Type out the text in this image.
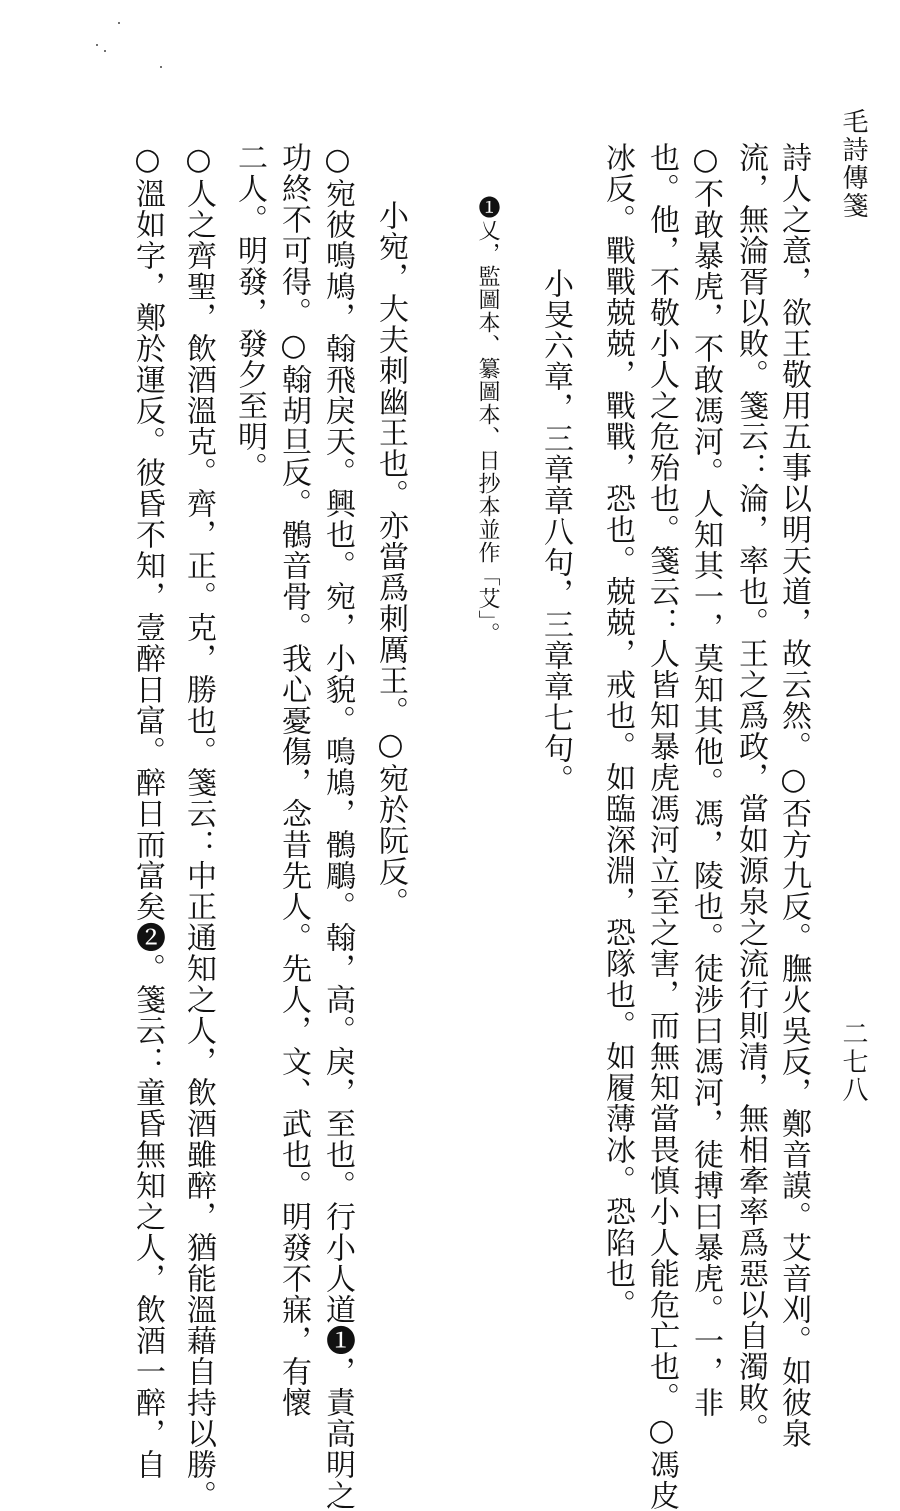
毛詩傳箋
二七八
詩人之意，欲王敬用五事以明天道，故云然。○否方九反。膴火吳反，鄭音謨。艾音刈。如彼泉
流，無淪胥以敗。箋云：淪，率也。王之爲政，當如源泉之流行則清，無相牽率爲惡以自濁敗。
○不敢暴虎，不敢馮河。人知其一，莫知其他。馮，陵也。徒涉曰馮河，徒搏曰暴虎。一，非
也。他，不敬小人之危殆也。箋云：人皆知暴虎馮河立至之害，而無知當畏慎小人能危亡也。○馮皮
冰反。戰戰兢兢，戰戰，恐也。兢兢，戒也。如臨深淵，恐隊也。如履薄冰。恐陷也。
小旻六章，三章章八句，三章章七句。
❶乂，監圖本、纂圖本、日抄本並作「艾」。
小宛，大夫刺幽王也。亦當爲刺厲王。○宛於阮反。
○宛彼鳴鳩，翰飛戾天。興也。宛，小貌。鳴鳩，鶻鵰。翰，高。戾，至也。行小人道❶，責高明之
功終不可得。○翰胡旦反。鶻音骨。我心憂傷，念昔先人。先人，文、武也。明發不寐，有懷
二人。明發，發夕至明。
○人之齊聖，飲酒溫克。齊，正。克，勝也。箋云：中正通知之人，飲酒雖醉，猶能溫藉自持以勝。
○溫如字，鄭於運反。彼昏不知，壹醉日富。醉日而富矣❷。箋云：童昏無知之人，飲酒一醉，自
